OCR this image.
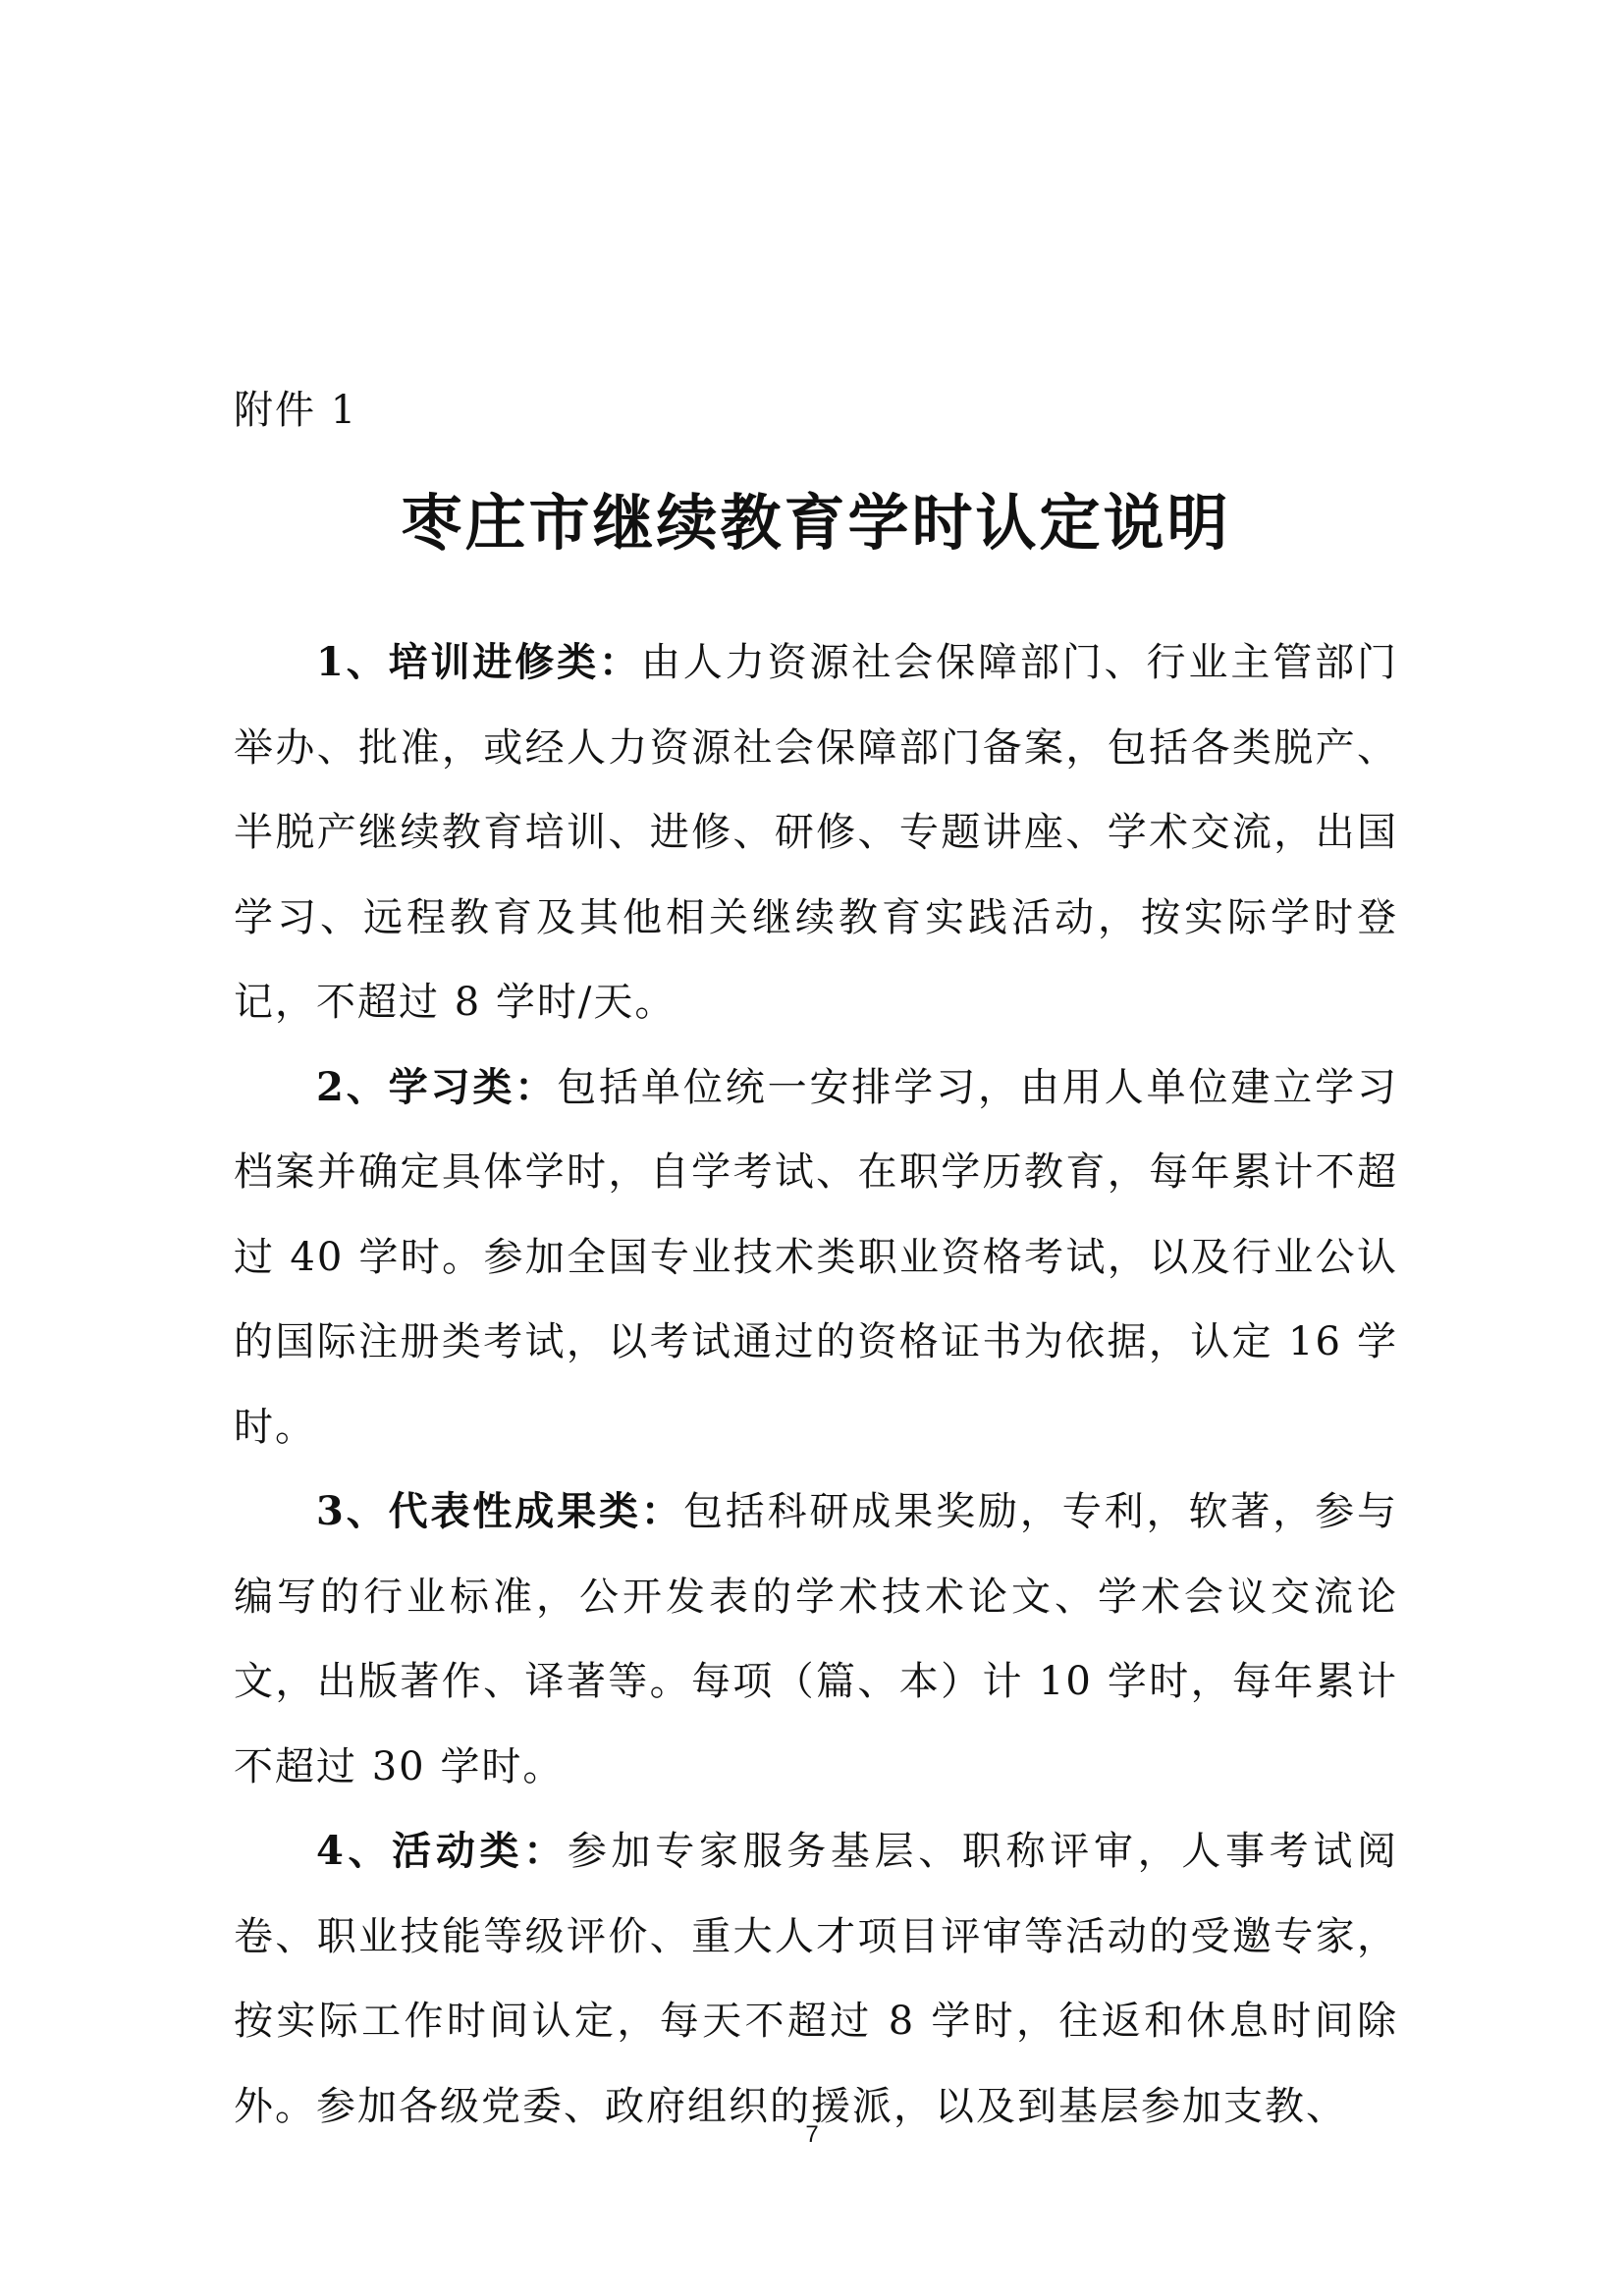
附件 1
枣庄市继续教育学时认定说明

1、培训进修类：由人力资源社会保障部门、行业主管部门举办、批准，或经人力资源社会保障部门备案，包括各类脱产、半脱产继续教育培训、进修、研修、专题讲座、学术交流，出国学习、远程教育及其他相关继续教育实践活动，按实际学时登记，不超过 8 学时/天。

2、学习类：包括单位统一安排学习，由用人单位建立学习档案并确定具体学时，自学考试、在职学历教育，每年累计不超过 40 学时。参加全国专业技术类职业资格考试，以及行业公认的国际注册类考试，以考试通过的资格证书为依据，认定 16 学时。

3、代表性成果类：包括科研成果奖励，专利，软著，参与编写的行业标准，公开发表的学术技术论文、学术会议交流论文，出版著作、译著等。每项（篇、本）计 10 学时，每年累计不超过 30 学时。

4、活动类：参加专家服务基层、职称评审，人事考试阅卷、职业技能等级评价、重大人才项目评审等活动的受邀专家，按实际工作时间认定，每天不超过 8 学时，往返和休息时间除外。参加各级党委、政府组织的援派，以及到基层参加支教、

7
